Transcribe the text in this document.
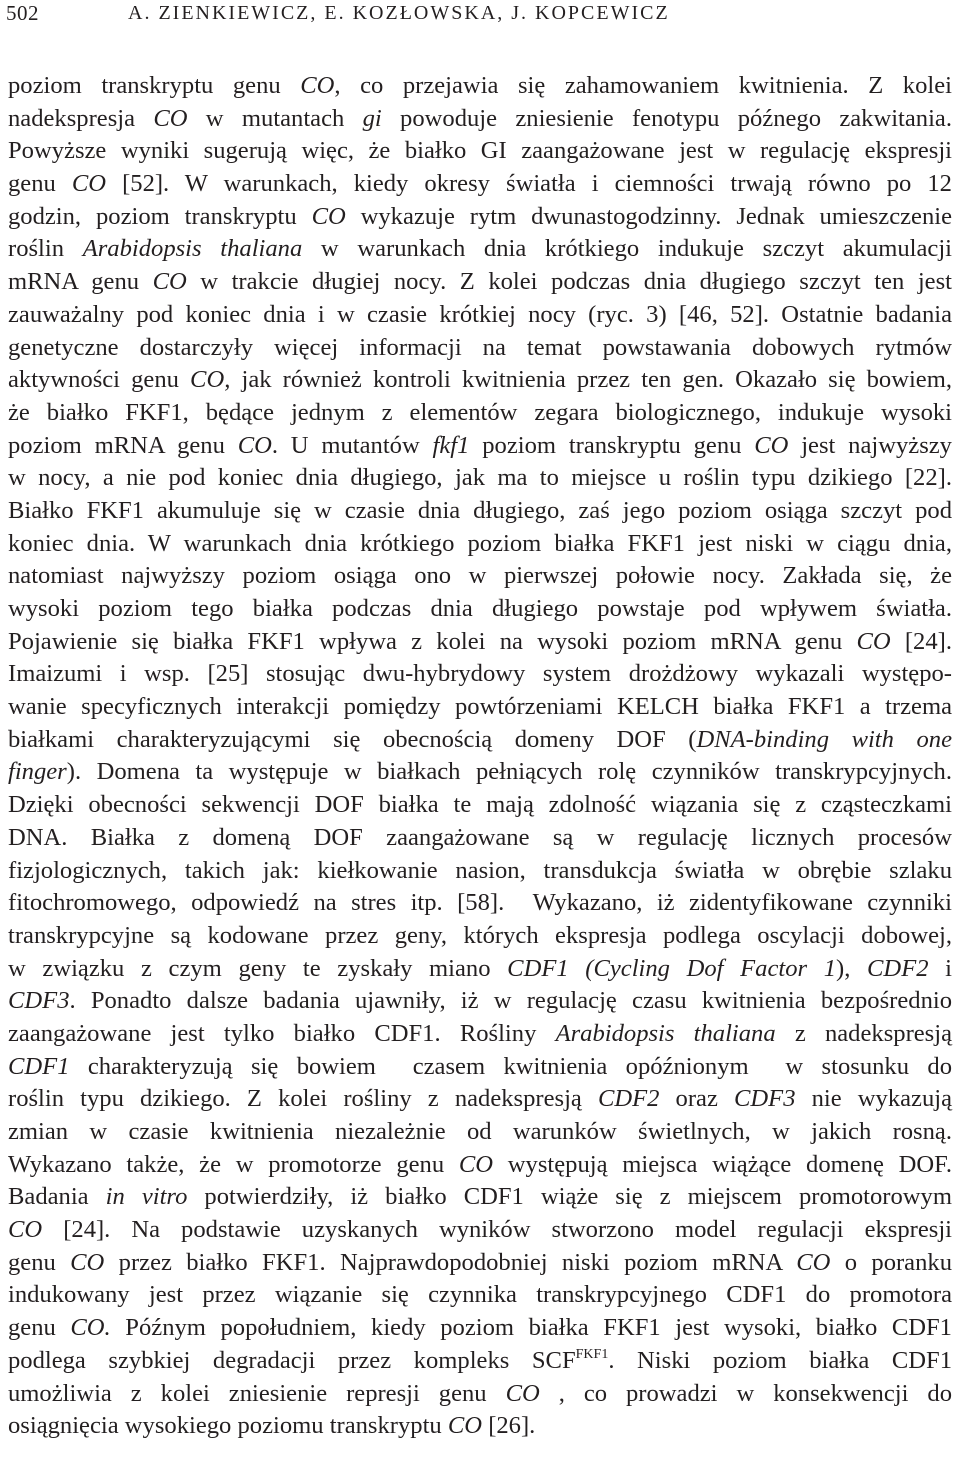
502	A. ZIENKIEWICZ, E. KOZŁOWSKA, J. KOPCEWICZ
poziom transkryptu genu CO, co przejawia się zahamowaniem kwitnienia. Z kolei
nadekspresja CO w mutantach gi powoduje zniesienie fenotypu późnego zakwitania.
Powyższe wyniki sugerują więc, że białko GI zaangażowane jest w regulację ekspresji
genu CO [52]. W warunkach, kiedy okresy światła i ciemności trwają równo po 12
godzin, poziom transkryptu CO wykazuje rytm dwunastogodzinny. Jednak umieszczenie
roślin Arabidopsis thaliana w warunkach dnia krótkiego indukuje szczyt akumulacji
mRNA genu CO w trakcie długiej nocy. Z kolei podczas dnia długiego szczyt ten jest
zauważalny pod koniec dnia i w czasie krótkiej nocy (ryc. 3) [46, 52]. Ostatnie badania
genetyczne dostarczyły więcej informacji na temat powstawania dobowych rytmów
aktywności genu CO, jak również kontroli kwitnienia przez ten gen. Okazało się bowiem,
że białko FKF1, będące jednym z elementów zegara biologicznego, indukuje wysoki
poziom mRNA genu CO. U mutantów fkf1 poziom transkryptu genu CO jest najwyższy
w nocy, a nie pod koniec dnia długiego, jak ma to miejsce u roślin typu dzikiego [22].
Białko FKF1 akumuluje się w czasie dnia długiego, zaś jego poziom osiąga szczyt pod
koniec dnia. W warunkach dnia krótkiego poziom białka FKF1 jest niski w ciągu dnia,
natomiast najwyższy poziom osiąga ono w pierwszej połowie nocy. Zakłada się, że
wysoki poziom tego białka podczas dnia długiego powstaje pod wpływem światła.
Pojawienie się białka FKF1 wpływa z kolei na wysoki poziom mRNA genu CO [24].
Imaizumi i wsp. [25] stosując dwu-hybrydowy system drożdżowy wykazali występo-
wanie specyficznych interakcji pomiędzy powtórzeniami KELCH białka FKF1 a trzema
białkami charakteryzującymi się obecnością domeny DOF (DNA-binding with one
finger). Domena ta występuje w białkach pełniących rolę czynników transkrypcyjnych.
Dzięki obecności sekwencji DOF białka te mają zdolność wiązania się z cząsteczkami
DNA. Białka z domeną DOF zaangażowane są w regulację licznych procesów
fizjologicznych, takich jak: kiełkowanie nasion, transdukcja światła w obrębie szlaku
fitochromowego, odpowiedź na stres itp. [58].  Wykazano, iż zidentyfikowane czynniki
transkrypcyjne są kodowane przez geny, których ekspresja podlega oscylacji dobowej,
w związku z czym geny te zyskały miano CDF1 (Cycling Dof Factor 1), CDF2 i
CDF3. Ponadto dalsze badania ujawniły, iż w regulację czasu kwitnienia bezpośrednio
zaangażowane jest tylko białko CDF1. Rośliny Arabidopsis thaliana z nadekspresją
CDF1 charakteryzują się bowiem  czasem kwitnienia opóźnionym  w stosunku do
roślin typu dzikiego. Z kolei rośliny z nadekspresją CDF2 oraz CDF3 nie wykazują
zmian w czasie kwitnienia niezależnie od warunków świetlnych, w jakich rosną.
Wykazano także, że w promotorze genu CO występują miejsca wiążące domenę DOF.
Badania in vitro potwierdziły, iż białko CDF1 wiąże się z miejscem promotorowym
CO [24]. Na podstawie uzyskanych wyników stworzono model regulacji ekspresji
genu CO przez białko FKF1. Najprawdopodobniej niski poziom mRNA CO o poranku
indukowany jest przez wiązanie się czynnika transkrypcyjnego CDF1 do promotora
genu CO. Późnym popołudniem, kiedy poziom białka FKF1 jest wysoki, białko CDF1
podlega szybkiej degradacji przez kompleks $SCF^{FKF1}$. Niski poziom białka CDF1
umożliwia z kolei zniesienie represji genu CO , co prowadzi w konsekwencji do
osiągnięcia wysokiego poziomu transkryptu CO [26].
